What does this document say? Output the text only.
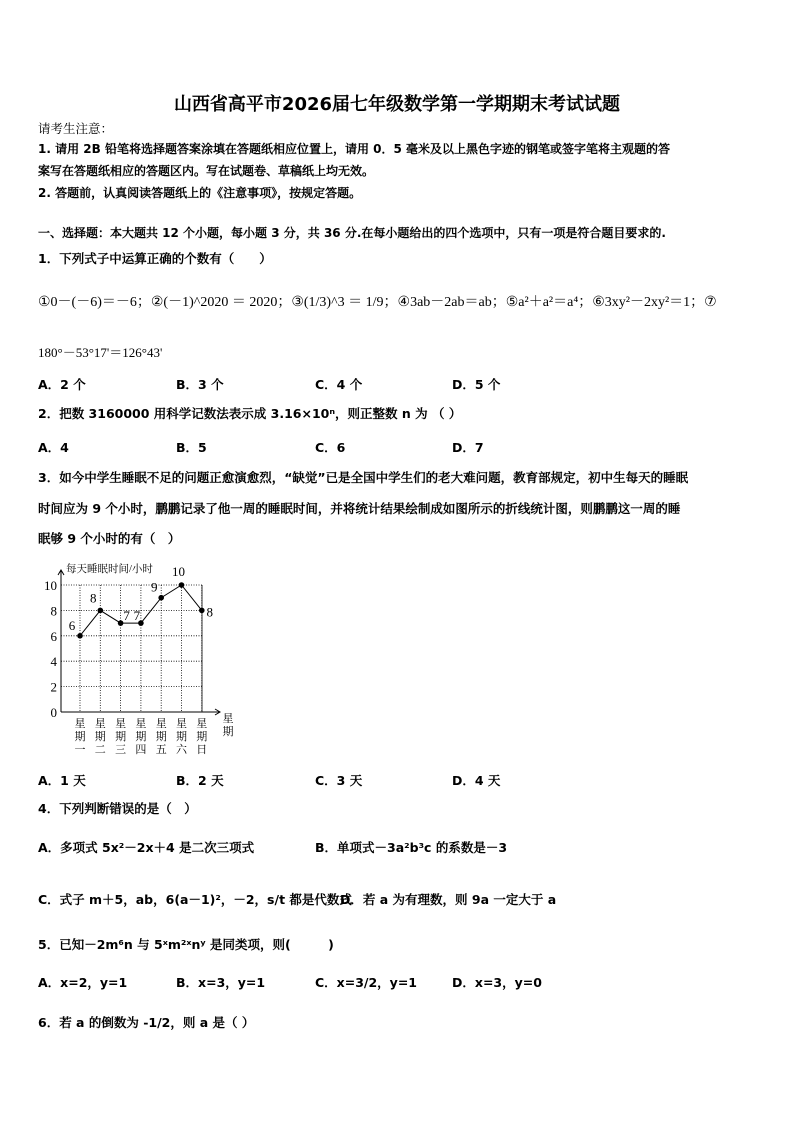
山西省高平市2026届七年级数学第一学期期末考试试题
请考生注意：
1. 请用 2B 铅笔将选择题答案涂填在答题纸相应位置上，请用 0．5 毫米及以上黑色字迹的钢笔或签字笔将主观题的答
案写在答题纸相应的答题区内。写在试题卷、草稿纸上均无效。
2. 答题前，认真阅读答题纸上的《注意事项》，按规定答题。
一、选择题：本大题共 12 个小题，每小题 3 分，共 36 分.在每小题给出的四个选项中，只有一项是符合题目要求的.
1．下列式子中运算正确的个数有（　　）
①0－(－6)＝－6；②(－1)^2020 ＝ 2020；③(1/3)^3 ＝ 1/9；④3ab－2ab＝ab；⑤a²＋a²＝a⁴；⑥3xy²－2xy²＝1；⑦
180°－53°17'＝126°43'
A．2 个	B．3 个	C．4 个	D．5 个
2．把数 3160000 用科学记数法表示成 3.16×10ⁿ，则正整数 n 为 （ ）
A．4	B．5	C．6	D．7
3．如今中学生睡眠不足的问题正愈演愈烈，“缺觉”已是全国中学生们的老大难问题，教育部规定，初中生每天的睡眠
时间应为 9 个小时，鹏鹏记录了他一周的睡眠时间，并将统计结果绘制成如图所示的折线统计图，则鹏鹏这一周的睡
眠够 9 个小时的有（　）
每天睡眠时间/小时
0
2
4
6
8
10
星
期
一
星
期
二
星
期
三
星
期
四
星
期
五
星
期
六
星
期
日
星
期
6
8
7 7
9
10
8
A．1 天	B．2 天	C．3 天	D．4 天
4．下列判断错误的是（　）
A．多项式 5x²－2x＋4 是二次三项式	B．单项式－3a²b³c 的系数是－3
C．式子 m＋5，ab，6(a－1)²，－2，s/t 都是代数式
D．若 a 为有理数，则 9a 一定大于 a
5．已知－2m⁶n 与 5ˣm²ˣnʸ 是同类项，则(　　　)
A．x=2，y=1	B．x=3，y=1	C．x=3/2，y=1	D．x=3，y=0
6．若 a 的倒数为 -1/2，则 a 是（ ）
